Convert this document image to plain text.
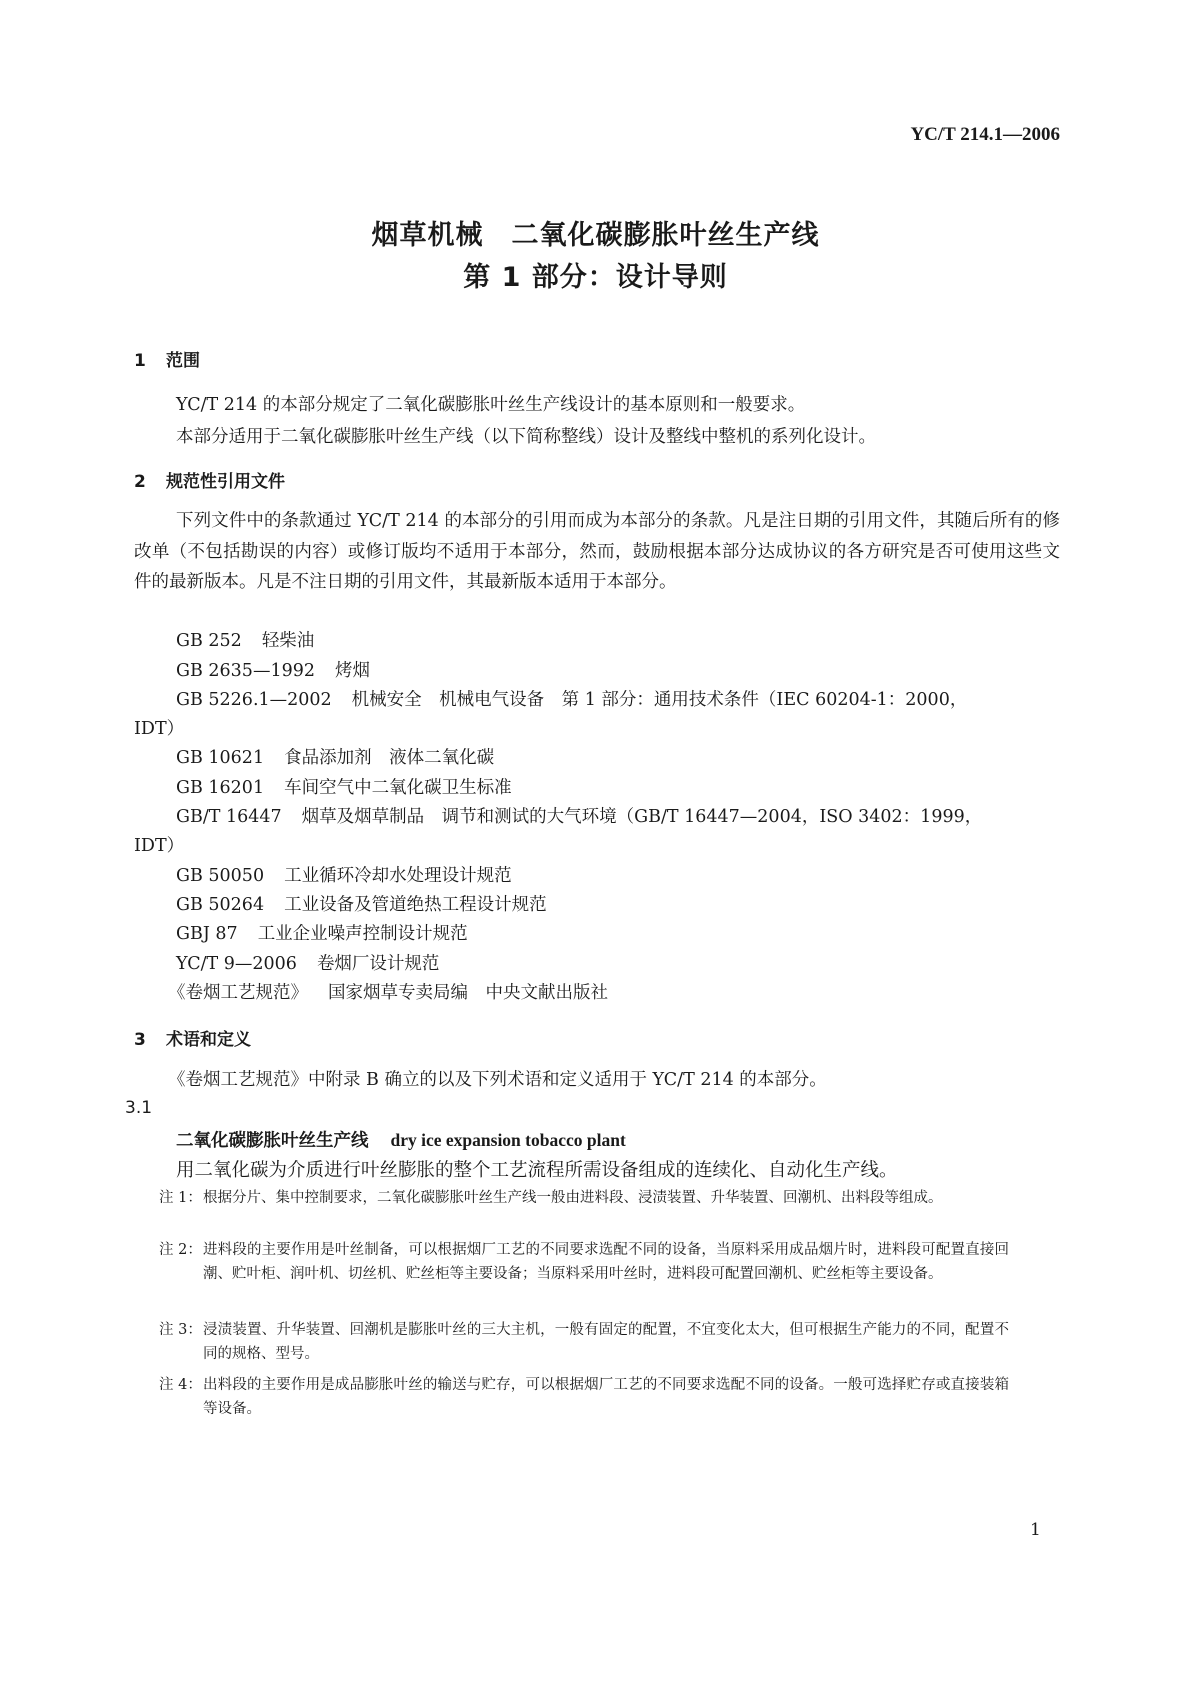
YC/T 214.1—2006
烟草机械　二氧化碳膨胀叶丝生产线
第 1 部分：设计导则
1 范围
YC/T 214 的本部分规定了二氧化碳膨胀叶丝生产线设计的基本原则和一般要求。
本部分适用于二氧化碳膨胀叶丝生产线（以下简称整线）设计及整线中整机的系列化设计。
2 规范性引用文件
下列文件中的条款通过 YC/T 214 的本部分的引用而成为本部分的条款。凡是注日期的引用文件，其随后所有的修改单（不包括勘误的内容）或修订版均不适用于本部分，然而，鼓励根据本部分达成协议的各方研究是否可使用这些文件的最新版本。凡是不注日期的引用文件，其最新版本适用于本部分。
GB 252 轻柴油
GB 2635—1992 烤烟
GB 5226.1—2002 机械安全　机械电气设备　第 1 部分：通用技术条件（IEC 60204-1：2000，
IDT）
GB 10621 食品添加剂　液体二氧化碳
GB 16201 车间空气中二氧化碳卫生标准
GB/T 16447 烟草及烟草制品　调节和测试的大气环境（GB/T 16447—2004，ISO 3402：1999，
IDT）
GB 50050 工业循环冷却水处理设计规范
GB 50264 工业设备及管道绝热工程设计规范
GBJ 87 工业企业噪声控制设计规范
YC/T 9—2006 卷烟厂设计规范
《卷烟工艺规范》 国家烟草专卖局编　中央文献出版社
3 术语和定义
《卷烟工艺规范》中附录 B 确立的以及下列术语和定义适用于 YC/T 214 的本部分。
3.1
二氧化碳膨胀叶丝生产线 dry ice expansion tobacco plant
用二氧化碳为介质进行叶丝膨胀的整个工艺流程所需设备组成的连续化、自动化生产线。
注 1： 根据分片、集中控制要求，二氧化碳膨胀叶丝生产线一般由进料段、浸渍装置、升华装置、回潮机、出料段等组成。
注 2： 进料段的主要作用是叶丝制备，可以根据烟厂工艺的不同要求选配不同的设备，当原料采用成品烟片时，进料段可配置直接回潮、贮叶柜、润叶机、切丝机、贮丝柜等主要设备；当原料采用叶丝时，进料段可配置回潮机、贮丝柜等主要设备。
注 3： 浸渍装置、升华装置、回潮机是膨胀叶丝的三大主机，一般有固定的配置，不宜变化太大，但可根据生产能力的不同，配置不同的规格、型号。
注 4： 出料段的主要作用是成品膨胀叶丝的输送与贮存，可以根据烟厂工艺的不同要求选配不同的设备。一般可选择贮存或直接装箱等设备。
1
